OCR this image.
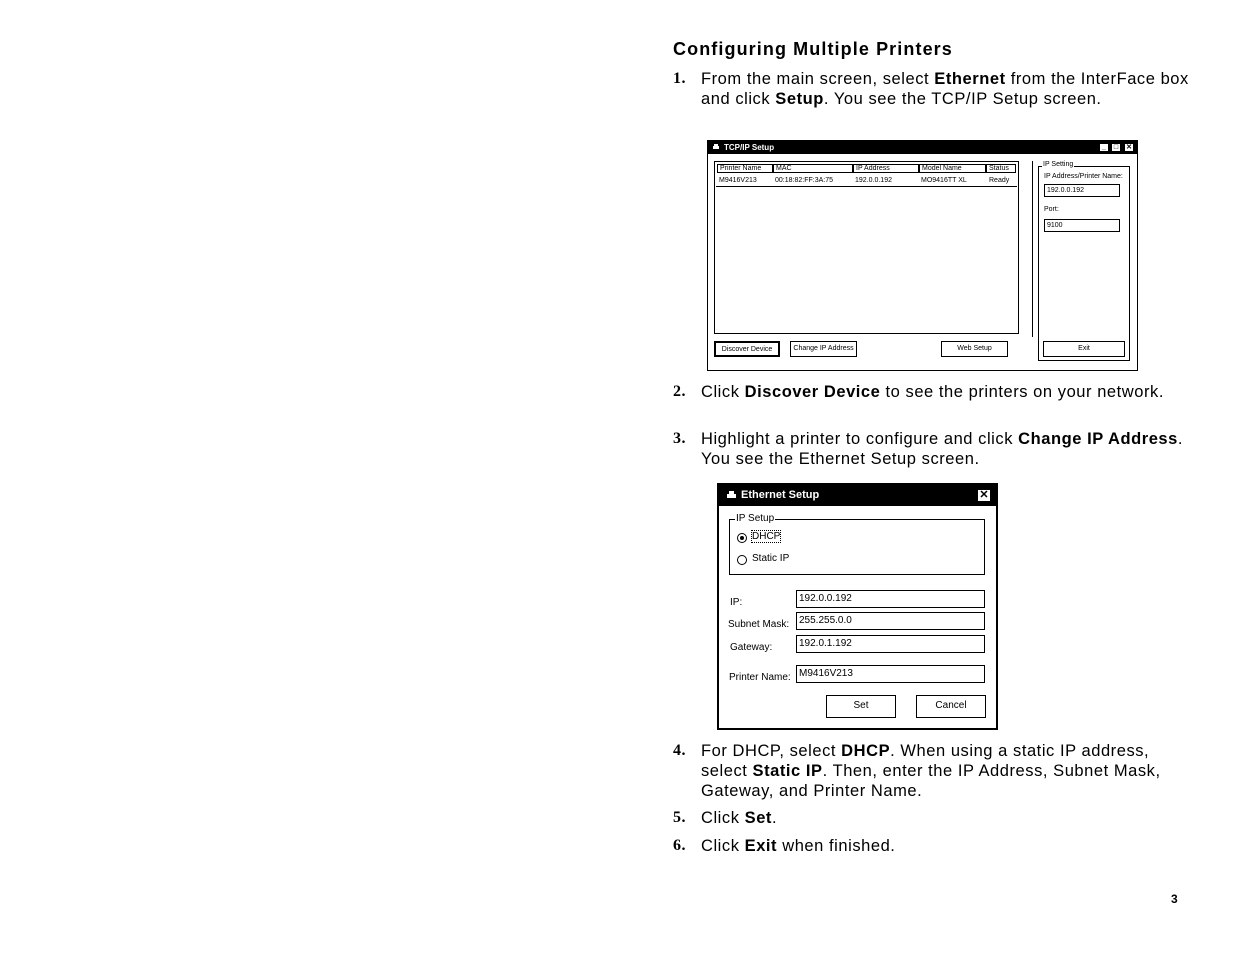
Configuring Multiple Printers
1. From the main screen, select Ethernet from the InterFace box and click Setup. You see the TCP/IP Setup screen.
TCP/IP Setup	_	□	✕
Printer Name	MAC	IP Address	Model Name	Status
M9416V213	00:18:82:FF:3A:75	192.0.0.192	MO9416TT XL	Ready
IP Setting
IP Address/Printer Name:
192.0.0.192
Port:
9100
Discover Device	Change IP Address	Web Setup	Exit
2. Click Discover Device to see the printers on your network.
3. Highlight a printer to configure and click Change IP Address. You see the Ethernet Setup screen.
Ethernet Setup	✕
IP Setup
DHCP
Static IP
IP:	192.0.0.192
Subnet Mask: 255.255.0.0
Gateway:	192.0.1.192
Printer Name: M9416V213
Set	Cancel
4. For DHCP, select DHCP. When using a static IP address, select Static IP. Then, enter the IP Address, Subnet Mask, Gateway, and Printer Name.
5. Click Set.
6. Click Exit when finished.
3
